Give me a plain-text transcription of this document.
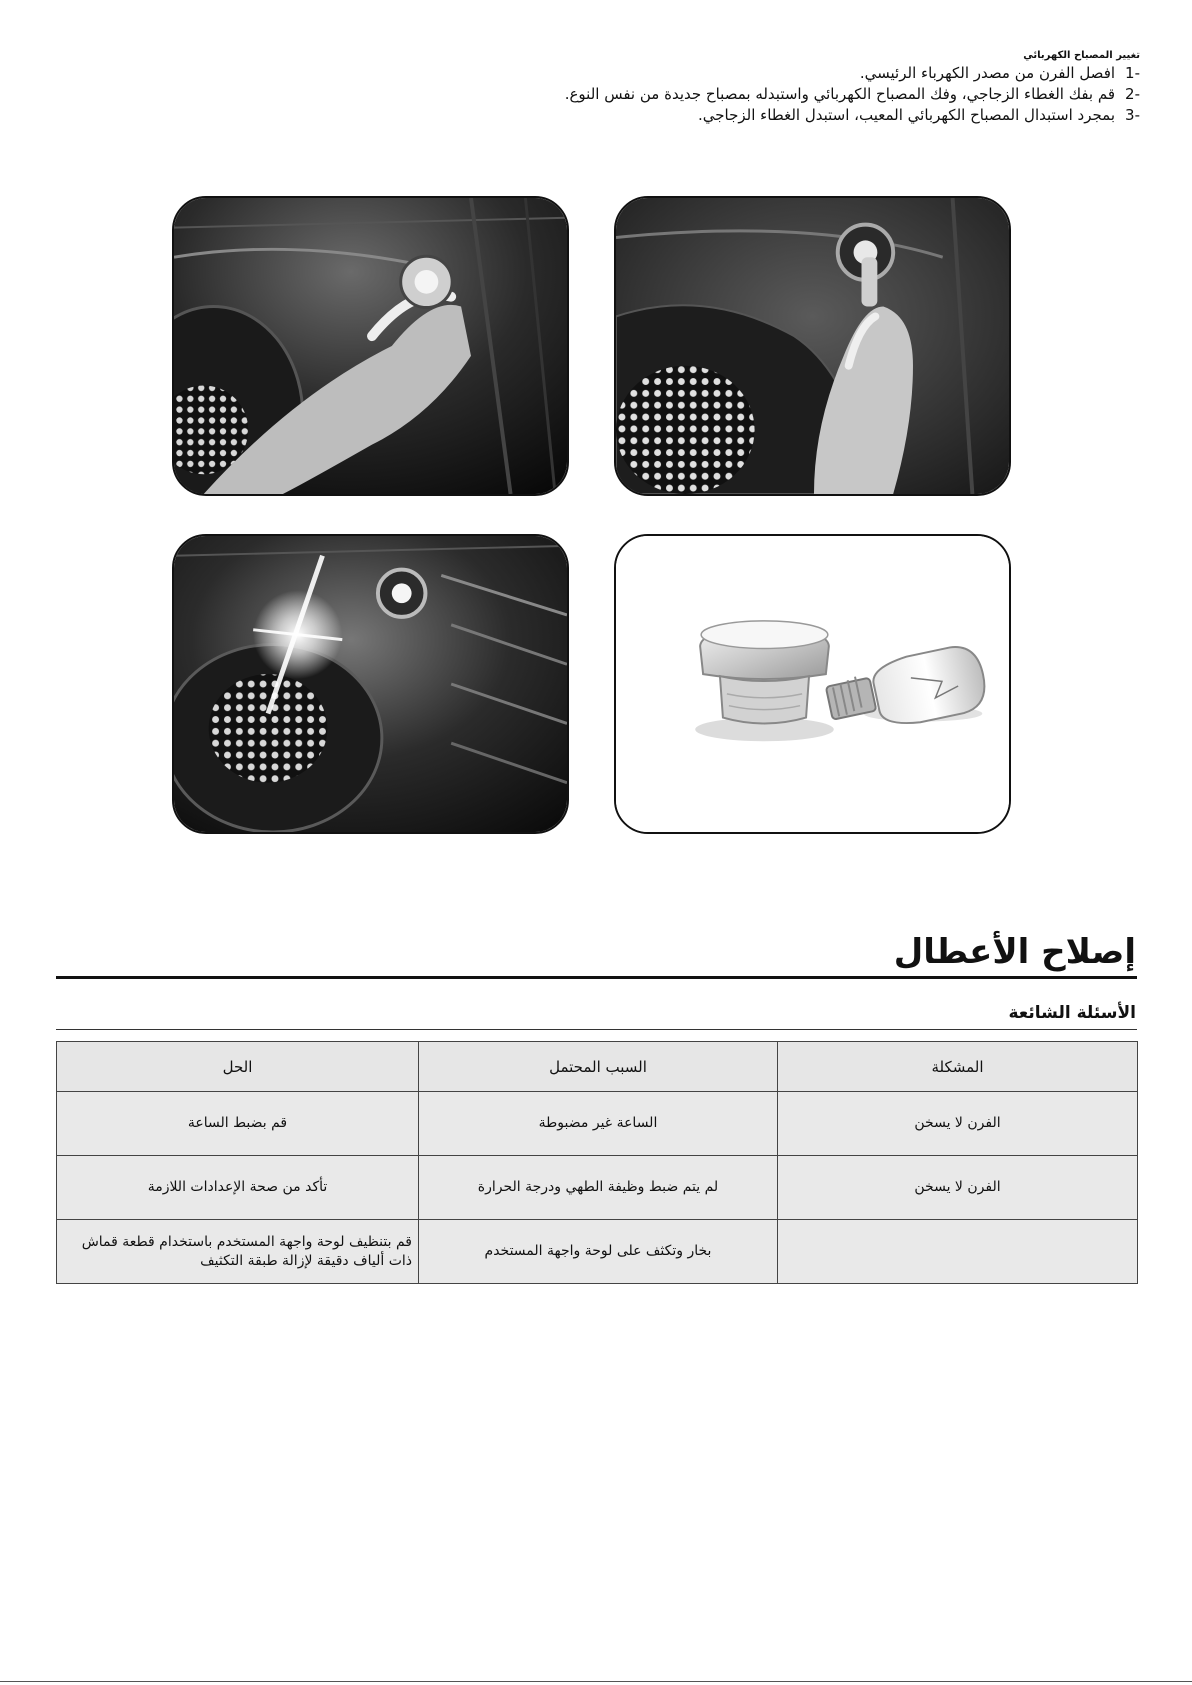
تغيير المصباح الكهربائي
-1افصل الفرن من مصدر الكهرباء الرئيسي.
-2قم بفك الغطاء الزجاجي، وفك المصباح الكهربائي واستبدله بمصباح جديدة من نفس النوع.
-3بمجرد استبدال المصباح الكهربائي المعيب، استبدل الغطاء الزجاجي.
إصلاح الأعطال
الأسئلة الشائعة
المشكلة	السبب المحتمل	الحل
الفرن لا يسخن	الساعة غير مضبوطة	قم بضبط الساعة
الفرن لا يسخن	لم يتم ضبط وظيفة الطهي ودرجة الحرارة	تأكد من صحة الإعدادات اللازمة
	بخار وتكثف على لوحة واجهة المستخدم	قم بتنظيف لوحة واجهة المستخدم باستخدام قطعة قماش ذات ألياف دقيقة لإزالة طبقة التكثيف
